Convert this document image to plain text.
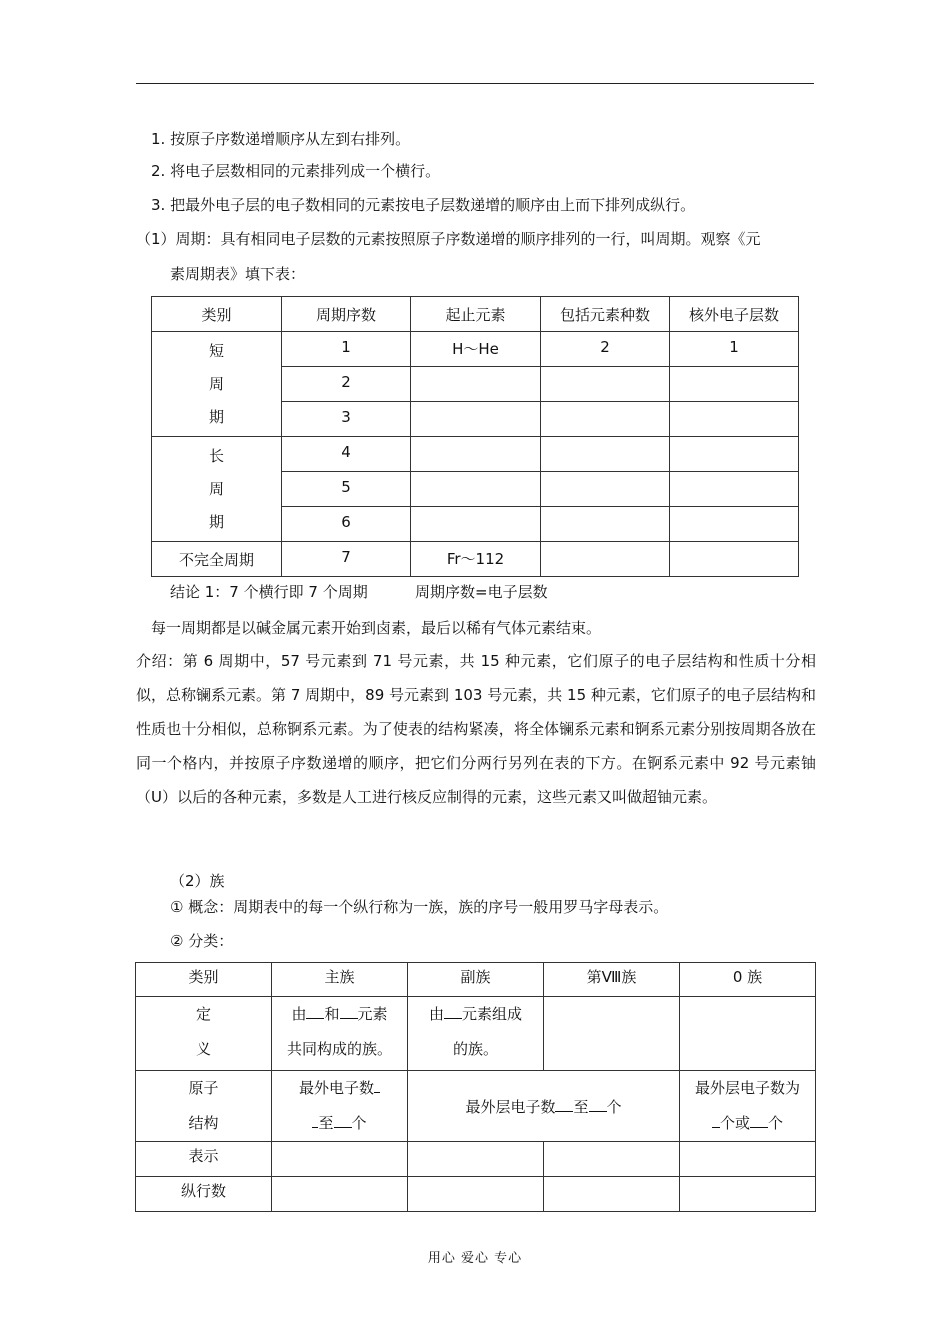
1. 按原子序数递增顺序从左到右排列。
2. 将电子层数相同的元素排列成一个横行。
3. 把最外电子层的电子数相同的元素按电子层数递增的顺序由上而下排列成纵行。
（1）周期：具有相同电子层数的元素按照原子序数递增的顺序排列的一行，叫周期。观察《元
素周期表》填下表：
类别	周期序数	起止元素	包括元素种数	核外电子层数

短
周
期	1	H～He	2	1
	2			
	3			

长
周
期	4			
	5			
	6			
不完全周期	7	Fr～112		
结论 1：7 个横行即 7 个周期	周期序数=电子层数
每一周期都是以碱金属元素开始到卤素，最后以稀有气体元素结束。
介绍：第 6 周期中，57 号元素到 71 号元素，共 15 种元素，它们原子的电子层结构和性质十分相似，总称镧系元素。第 7 周期中，89 号元素到 103 号元素，共 15 种元素，它们原子的电子层结构和性质也十分相似，总称锕系元素。为了使表的结构紧凑，将全体镧系元素和锕系元素分别按周期各放在同一个格内，并按原子序数递增的顺序，把它们分两行另列在表的下方。在锕系元素中 92 号元素铀（U）以后的各种元素，多数是人工进行核反应制得的元素，这些元素又叫做超铀元素。
（2）族
① 概念：周期表中的每一个纵行称为一族，族的序号一般用罗马字母表示。
② 分类：
类别	主族	副族	第Ⅷ族	0 族

定
义	由 和 元素
共同构成的族。	由 元素组成
的族。		

原子
结构	最外电子数
至 个	最外层电子数 至 个		最外层电子数为
个或 个

表示				
纵行数				
用心 爱心 专心
